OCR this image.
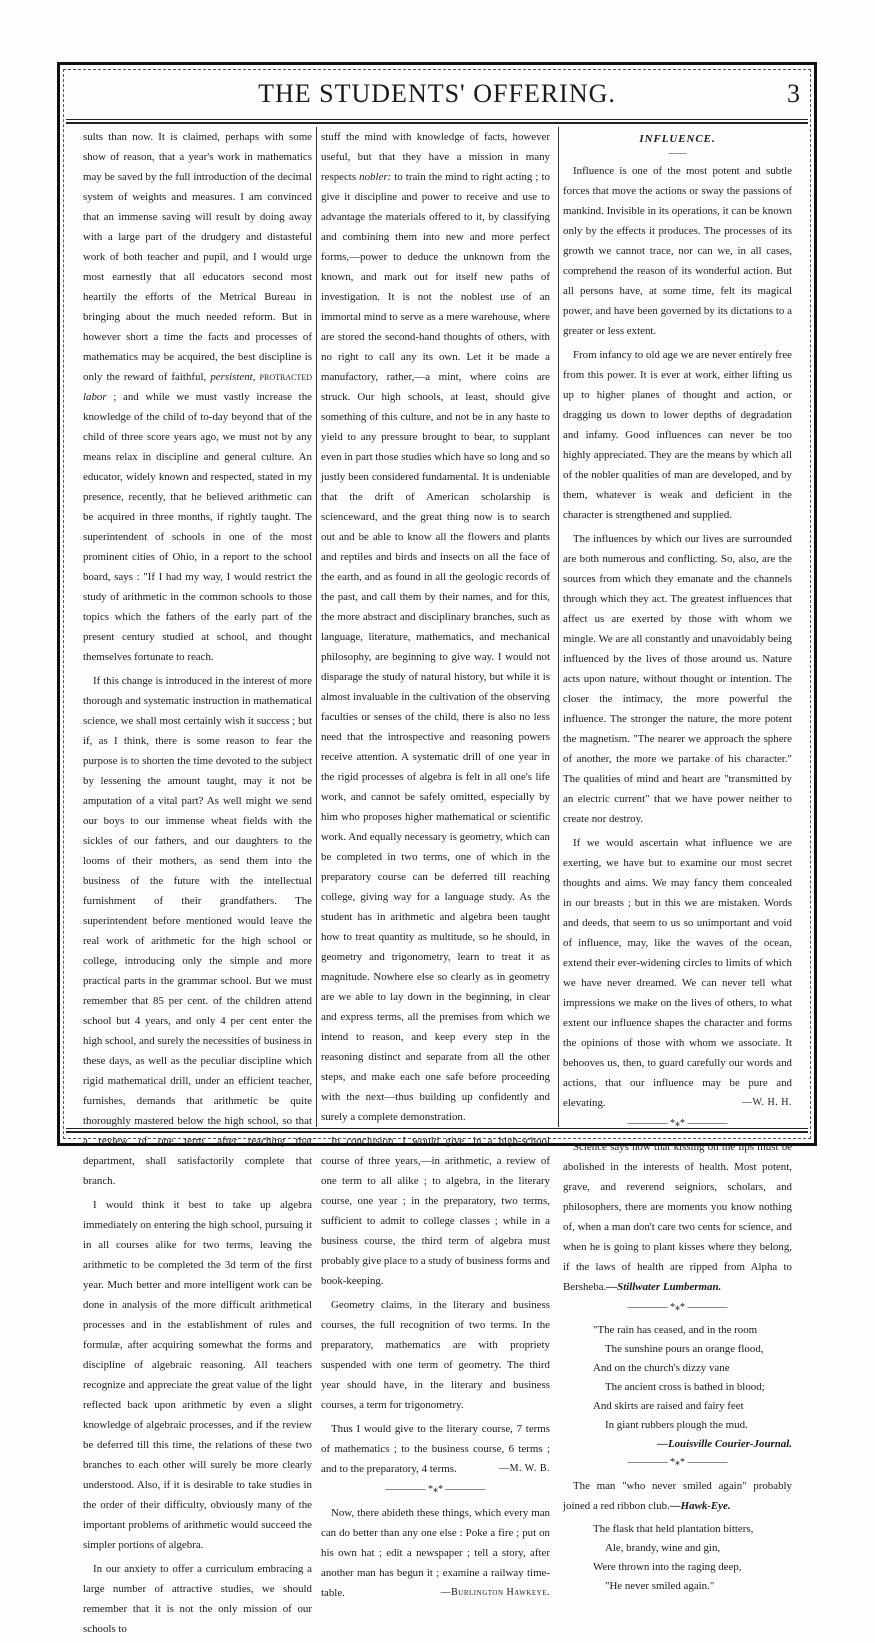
THE STUDENTS' OFFERING.	3

sults than now. It is claimed, perhaps with some show of reason, that a year's work in mathematics may be saved by the full introduction of the decimal system of weights and measures. I am convinced that an immense saving will result by doing away with a large part of the drudgery and distasteful work of both teacher and pupil, and I would urge most earnestly that all educators second most heartily the efforts of the Metrical Bureau in bringing about the much needed reform. But in however short a time the facts and processes of mathematics may be acquired, the best discipline is only the reward of faithful, persistent, protracted labor ; and while we must vastly increase the knowledge of the child of to-day beyond that of the child of three score years ago, we must not by any means relax in discipline and general culture. An educator, widely known and respected, stated in my presence, recently, that he believed arithmetic can be acquired in three months, if rightly taught. The superintendent of schools in one of the most prominent cities of Ohio, in a report to the school board, says : "If I had my way, I would restrict the study of arithmetic in the common schools to those topics which the fathers of the early part of the present century studied at school, and thought themselves fortunate to reach.

If this change is introduced in the interest of more thorough and systematic instruction in mathematical science, we shall most certainly wish it success ; but if, as I think, there is some reason to fear the purpose is to shorten the time devoted to the subject by lessening the amount taught, may it not be amputation of a vital part? As well might we send our boys to our immense wheat fields with the sickles of our fathers, and our daughters to the looms of their mothers, as send them into the business of the future with the intellectual furnishment of their grandfathers. The superintendent before mentioned would leave the real work of arithmetic for the high school or college, introducing only the simple and more practical parts in the grammar school. But we must remember that 85 per cent. of the children attend school but 4 years, and only 4 per cent enter the high school, and surely the necessities of business in these days, as well as the peculiar discipline which rigid mathematical drill, under an efficient teacher, furnishes, demands that arithmetic be quite thoroughly mastered below the high school, so that a review of one term, after reaching that department, shall satisfactorily complete that branch.

I would think it best to take up algebra immediately on entering the high school, pursuing it in all courses alike for two terms, leaving the arithmetic to be completed the 3d term of the first year. Much better and more intelligent work can be done in analysis of the more difficult arithmetical processes and in the establishment of rules and formulæ, after acquiring somewhat the forms and discipline of algebraic reasoning. All teachers recognize and appreciate the great value of the light reflected back upon arithmetic by even a slight knowledge of algebraic processes, and if the review be deferred till this time, the relations of these two branches to each other will surely be more clearly understood. Also, if it is desirable to take studies in the order of their difficulty, obviously many of the important problems of arithmetic would succeed the simpler portions of algebra.

In our anxiety to offer a curriculum embracing a large number of attractive studies, we should remember that it is not the only mission of our schools to

stuff the mind with knowledge of facts, however useful, but that they have a mission in many respects nobler: to train the mind to right acting ; to give it discipline and power to receive and use to advantage the materials offered to it, by classifying and combining them into new and more perfect forms,—power to deduce the unknown from the known, and mark out for itself new paths of investigation. It is not the noblest use of an immortal mind to serve as a mere warehouse, where are stored the second-hand thoughts of others, with no right to call any its own. Let it be made a manufactory, rather,—a mint, where coins are struck. Our high schools, at least, should give something of this culture, and not be in any haste to yield to any pressure brought to bear, to supplant even in part those studies which have so long and so justly been considered fundamental. It is undeniable that the drift of American scholarship is scienceward, and the great thing now is to search out and be able to know all the flowers and plants and reptiles and birds and insects on all the face of the earth, and as found in all the geologic records of the past, and call them by their names, and for this, the more abstract and disciplinary branches, such as language, literature, mathematics, and mechanical philosophy, are beginning to give way. I would not disparage the study of natural history, but while it is almost invaluable in the cultivation of the observing faculties or senses of the child, there is also no less need that the introspective and reasoning powers receive attention. A systematic drill of one year in the rigid processes of algebra is felt in all one's life work, and cannot be safely omitted, especially by him who proposes higher mathematical or scientific work. And equally necessary is geometry, which can be completed in two terms, one of which in the preparatory course can be deferred till reaching college, giving way for a language study. As the student has in arithmetic and algebra been taught how to treat quantity as multitude, so he should, in geometry and trigonometry, learn to treat it as magnitude. Nowhere else so clearly as in geometry are we able to lay down in the beginning, in clear and express terms, all the premises from which we intend to reason, and keep every step in the reasoning distinct and separate from all the other steps, and make each one safe before proceeding with the next—thus building up confidently and surely a complete demonstration.

In conclusion, I would give, in a high-school course of three years,—in arithmetic, a review of one term to all alike ; to algebra, in the literary course, one year ; in the preparatory, two terms, sufficient to admit to college classes ; while in a business course, the third term of algebra must probably give place to a study of business forms and book-keeping.

Geometry claims, in the literary and business courses, the full recognition of two terms. In the preparatory, mathematics are with propriety suspended with one term of geometry. The third year should have, in the literary and business courses, a term for trigonometry.

Thus I would give to the literary course, 7 terms of mathematics ; to the business course, 6 terms ; and to the preparatory, 4 terms.	—M. W. B.

———— *⁎* ————

Now, there abideth these things, which every man can do better than any one else : Poke a fire ; put on his own hat ; edit a newspaper ; tell a story, after another man has begun it ; examine a railway time-table.	—Burlington Hawkeye.

INFLUENCE.
——

Influence is one of the most potent and subtle forces that move the actions or sway the passions of mankind. Invisible in its operations, it can be known only by the effects it produces. The processes of its growth we cannot trace, nor can we, in all cases, comprehend the reason of its wonderful action. But all persons have, at some time, felt its magical power, and have been governed by its dictations to a greater or less extent.

From infancy to old age we are never entirely free from this power. It is ever at work, either lifting us up to higher planes of thought and action, or dragging us down to lower depths of degradation and infamy. Good influences can never be too highly appreciated. They are the means by which all of the nobler qualities of man are developed, and by them, whatever is weak and deficient in the character is strengthened and supplied.

The influences by which our lives are surrounded are both numerous and conflicting. So, also, are the sources from which they emanate and the channels through which they act. The greatest influences that affect us are exerted by those with whom we mingle. We are all constantly and unavoidably being influenced by the lives of those around us. Nature acts upon nature, without thought or intention. The closer the intimacy, the more powerful the influence. The stronger the nature, the more potent the magnetism. "The nearer we approach the sphere of another, the more we partake of his character." The qualities of mind and heart are "transmitted by an electric current" that we have power neither to create nor destroy.

If we would ascertain what influence we are exerting, we have but to examine our most secret thoughts and aims. We may fancy them concealed in our breasts ; but in this we are mistaken. Words and deeds, that seem to us so unimportant and void of influence, may, like the waves of the ocean, extend their ever-widening circles to limits of which we have never dreamed. We can never tell what impressions we make on the lives of others, to what extent our influence shapes the character and forms the opinions of those with whom we associate. It behooves us, then, to guard carefully our words and actions, that our influence may be pure and elevating.	—W. H. H.

———— *⁎* ————

Science says now that kissing on the lips must be abolished in the interests of health. Most potent, grave, and reverend seigniors, scholars, and philosophers, there are moments you know nothing of, when a man don't care two cents for science, and when he is going to plant kisses where they belong, if the laws of health are ripped from Alpha to Bersheba.—Stillwater Lumberman.

———— *⁎* ————
"The rain has ceased, and in the room
The sunshine pours an orange flood,
And on the church's dizzy vane
The ancient cross is bathed in blood;
And skirts are raised and fairy feet
In giant rubbers plough the mud.
—Louisville Courier-Journal.
———— *⁎* ————

The man "who never smiled again" probably joined a red ribbon club.—Hawk-Eye.

The flask that held plantation bitters,
Ale, brandy, wine and gin,
Were thrown into the raging deep,
"He never smiled again."
